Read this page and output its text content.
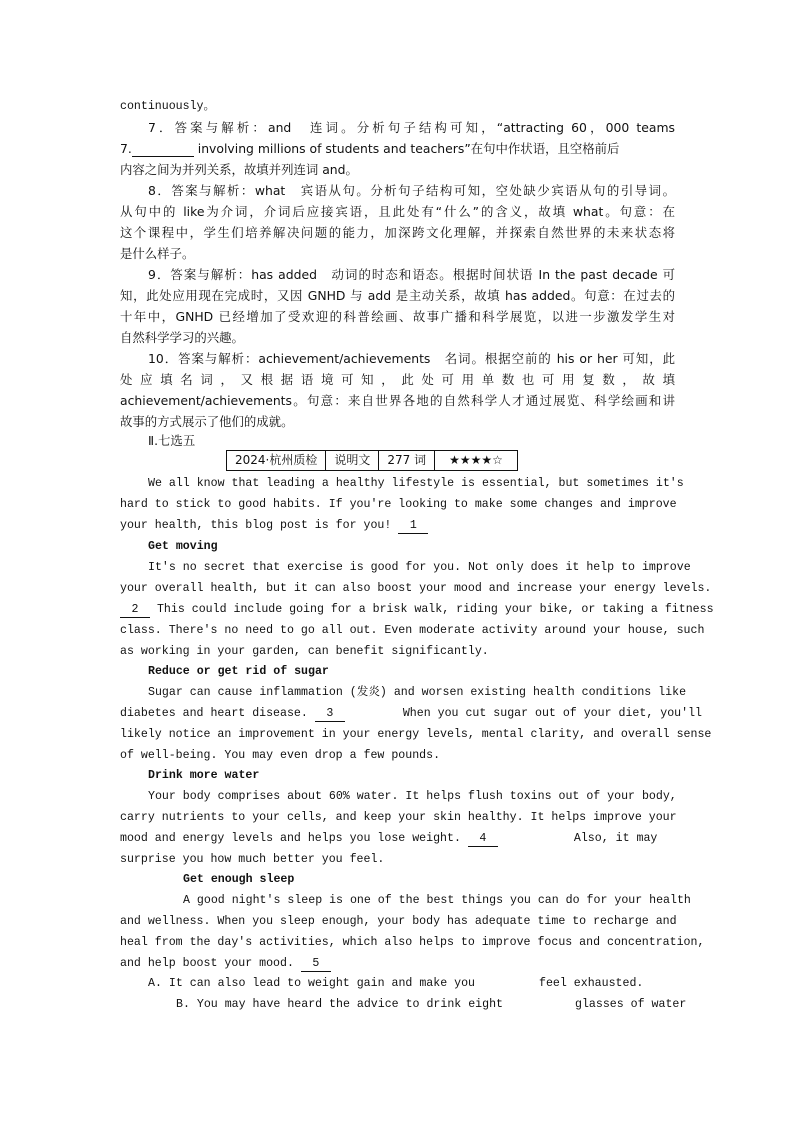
continuously。
7．答案与解析：and　连词。分析句子结构可知，“attracting 60，000 teams
7.	involving millions of students and teachers”在句中作状语，且空格前后
内容之间为并列关系，故填并列连词 and。
8．答案与解析：what　宾语从句。分析句子结构可知，空处缺少宾语从句的引导词。
从句中的 like为介词，介词后应接宾语，且此处有“什么”的含义，故填 what。句意：在
这个课程中，学生们培养解决问题的能力，加深跨文化理解，并探索自然世界的未来状态将
是什么样子。
9．答案与解析：has added　动词的时态和语态。根据时间状语 In the past decade 可
知，此处应用现在完成时，又因 GNHD 与 add 是主动关系，故填 has added。句意：在过去的
十年中，GNHD 已经增加了受欢迎的科普绘画、故事广播和科学展览，以进一步激发学生对
自然科学学习的兴趣。
10．答案与解析：achievement/achievements　名词。根据空前的 his or her 可知，此
处应填名词，又根据语境可知，此处可用单数也可用复数，故填
achievement/achievements。句意：来自世界各地的自然科学人才通过展览、科学绘画和讲
故事的方式展示了他们的成就。
Ⅱ.七选五
2024·杭州质检	说明文	277 词	★★★★☆
We all know that leading a healthy lifestyle is essential, but sometimes it's
hard to stick to good habits. If you're looking to make some changes and improve
your health, this blog post is for you! 1
Get moving
It's no secret that exercise is good for you. Not only does it help to improve
your overall health, but it can also boost your mood and increase your energy levels.
2 This could include going for a brisk walk, riding your bike, or taking a fitness
class. There's no need to go all out. Even moderate activity around your house, such
as working in your garden, can benefit significantly.
Reduce or get rid of sugar
Sugar can cause inflammation (发炎) and worsen existing health conditions like
diabetes and heart disease. 3	When you cut sugar out of your diet, you'll
likely notice an improvement in your energy levels, mental clarity, and overall sense
of well-being. You may even drop a few pounds.
Drink more water
Your body comprises about 60% water. It helps flush toxins out of your body,
carry nutrients to your cells, and keep your skin healthy. It helps improve your
mood and energy levels and helps you lose weight. 4	Also, it may
surprise you how much better you feel.
Get enough sleep
A good night's sleep is one of the best things you can do for your health
and wellness. When you sleep enough, your body has adequate time to recharge and
heal from the day's activities, which also helps to improve focus and concentration,
and help boost your mood. 5
A. It can also lead to weight gain and make you	feel exhausted.
B. You may have heard the advice to drink eight	glasses of water
